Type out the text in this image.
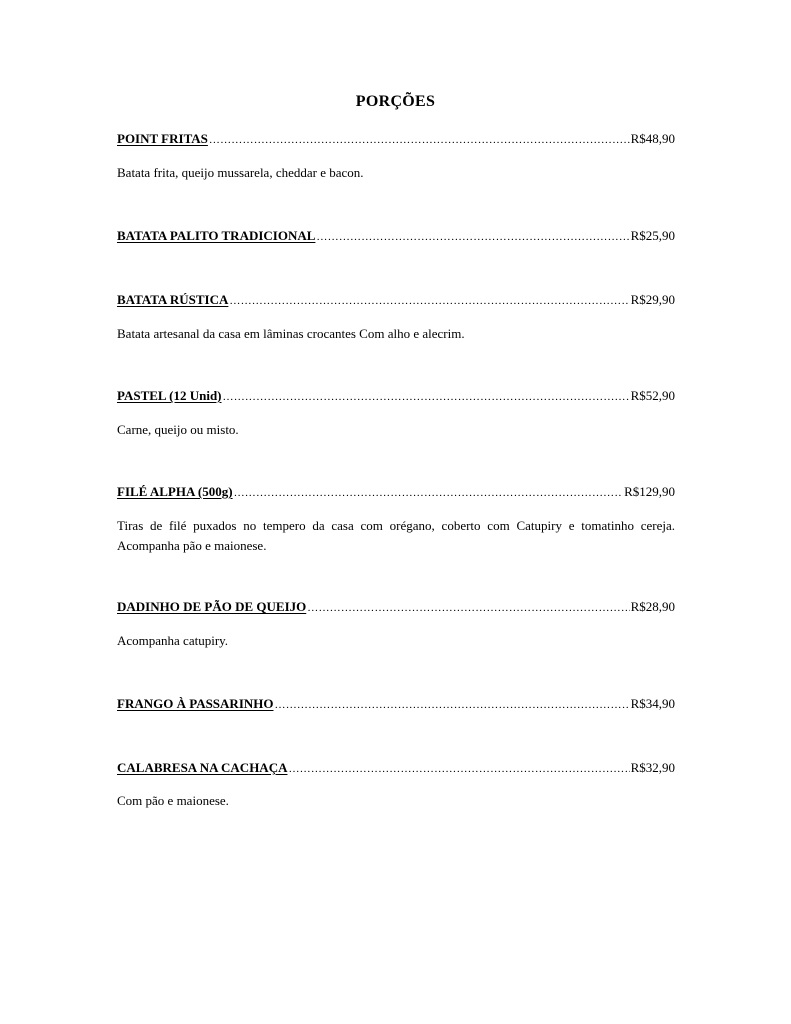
PORÇÕES
POINT FRITAS ………………………………………………………………………………………………………………………………………………………………………………………	R$48,90
Batata frita, queijo mussarela, cheddar e bacon.
BATATA PALITO TRADICIONAL ………………………………………………………………………………………………………………………………………………………………………………………	R$25,90
BATATA RÚSTICA ………………………………………………………………………………………………………………………………………………………………………………………	R$29,90
Batata artesanal da casa em lâminas crocantes Com alho e alecrim.
PASTEL (12 Unid) ………………………………………………………………………………………………………………………………………………………………………………………	R$52,90
Carne, queijo ou misto.
FILÉ ALPHA (500g) ………………………………………………………………………………………………………………………………………………………………………………………	R$129,90
Tiras de filé puxados no tempero da casa com orégano, coberto com Catupiry e tomatinho cereja. Acompanha pão e maionese.
DADINHO DE PÃO DE QUEIJO ………………………………………………………………………………………………………………………………………………………………………………………	R$28,90
Acompanha catupiry.
FRANGO À PASSARINHO ………………………………………………………………………………………………………………………………………………………………………………………	R$34,90
CALABRESA NA CACHAÇA ………………………………………………………………………………………………………………………………………………………………………………………	R$32,90
Com pão e maionese.
